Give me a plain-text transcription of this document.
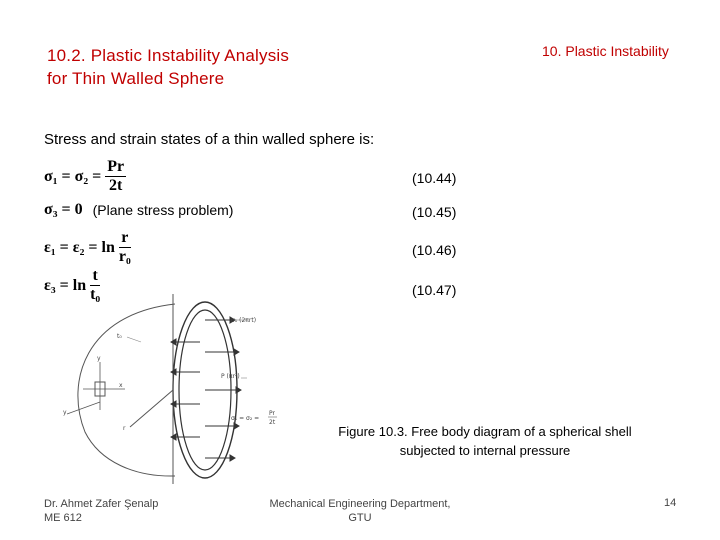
10.2. Plastic Instability Analysis
for Thin Walled Sphere
10. Plastic Instability
Stress and strain states of a thin walled sphere is:
$\sigma_1 = \sigma_2 = \frac{Pr}{2t}$	(10.44)
σ₃ = 0 (Plane stress problem)	(10.45)
$\varepsilon_1 = \varepsilon_2 = \ln \frac{r}{\text{r₀}}$	(10.46)
$\varepsilon_3 = \ln \frac{t}{\text{t₀}}$	(10.47)
σ₁ (2πrt)
P (πr²)
σ₁ = σ₂ =
Pr
2t
t₀
r
x
y
y
Figure 10.3. Free body diagram of a spherical shell
subjected to internal pressure
Dr. Ahmet Zafer Şenalp
ME 612
Mechanical Engineering Department,
GTU
14
